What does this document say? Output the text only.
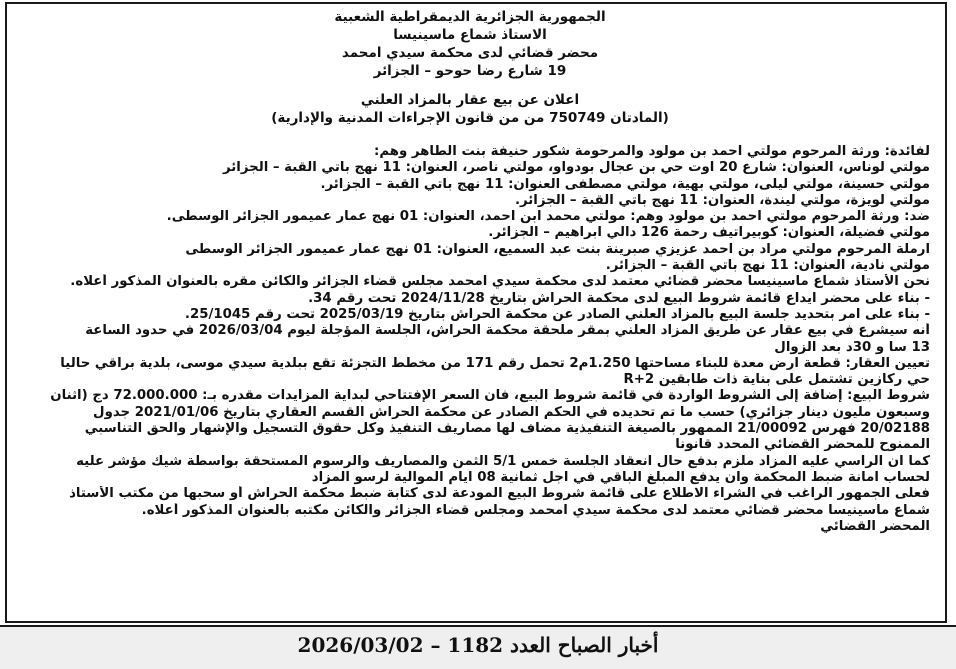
الجمهورية الجزائرية الديمقراطية الشعبية
الاستاذ شماع ماسينيسا
محضر قضائي لدى محكمة سيدي امحمد
19 شارع رضا حوحو – الجزائر
اعلان عن بيع عقار بالمزاد العلني
(المادتان 750749 من من قانون الإجراءات المدنية والإدارية)
لفائدة: ورثة المرحوم مولتي احمد بن مولود والمرحومة شكور حنيفة بنت الطاهر وهم:
مولتي لوناس، العنوان: شارع 20 اوت حي بن عجال بودواو، مولتي ناصر، العنوان: 11 نهج باتي القبة – الجزائر
مولتي حسينة، مولتي ليلى، مولتي بهية، مولتي مصطفى العنوان: 11 نهج باتي القبة – الجزائر.
مولتي لويزة، مولتي ليندة، العنوان: 11 نهج باتي القبة – الجزائر.
ضد: ورثة المرحوم مولتي احمد بن مولود وهم: مولتي محمد ابن احمد، العنوان: 01 نهج عمار عميمور الجزائر الوسطى.
مولتي فضيلة، العنوان: كوبيراتيف رحمة 126 دالي ابراهيم – الجزائر.
ارملة المرحوم مولتي مراد بن احمد عزيزي صبرينة بنت عبد السميع، العنوان: 01 نهج عمار عميمور الجزائر الوسطى
مولتي نادية، العنوان: 11 نهج باتي القبة – الجزائر.
نحن الأستاذ شماع ماسينيسا محضر قضائي معتمد لدى محكمة سيدي امحمد مجلس قضاء الجزائر والكائن مقره بالعنوان المذكور أعلاه.
- بناء على محضر ايداع قائمة شروط البيع لدى محكمة الحراش بتاريخ 2024/11/28 تحت رقم 34.
- بناء على امر بتحديد جلسة البيع بالمزاد العلني الصادر عن محكمة الحراش بتاريخ 2025/03/19 تحت رقم 25/1045.
أنه سيشرع في بيع عقار عن طريق المزاد العلني بمقر ملحقة محكمة الحراش، الجلسة المؤجلة ليوم 2026/03/04 في حدود الساعة
13 سا و 30د بعد الزوال
تعيين العقار: قطعة ارض معدة للبناء مساحتها 1.250م2 تحمل رقم 171 من مخطط التجزئة تقع ببلدية سيدي موسى، بلدية براقي حاليا
حي ركازين تشتمل على بناية ذات طابقين R+2
شروط البيع: إضافة إلى الشروط الواردة في قائمة شروط البيع، فان السعر الإفتتاحي لبداية المزايدات مقدره بـ: 72.000.000 دج (اثنان
وسبعون مليون دينار جزائري) حسب ما تم تحديده في الحكم الصادر عن محكمة الحراش القسم العقاري بتاريخ 2021/01/06 جدول
20/02188 فهرس 21/00092 الممهور بالصيغة التنفيذية مضاف لها مصاريف التنفيذ وكل حقوق التسجيل والإشهار والحق التناسبي
الممنوح للمحضر القضائي المحدد قانونا
كما ان الراسي عليه المزاد ملزم بدفع حال انعقاد الجلسة خمس 5/1 الثمن والمصاريف والرسوم المستحقة بواسطة شيك مؤشر عليه
لحساب امانة ضبط المحكمة وان يدفع المبلغ الباقي في اجل ثمانية 08 ايام الموالية لرسو المزاد
فعلى الجمهور الراغب في الشراء الاطلاع على قائمة شروط البيع المودعة لدى كتابة ضبط محكمة الحراش أو سحبها من مكتب الأستاذ
شماع ماسينيسا محضر قضائي معتمد لدى محكمة سيدي امحمد ومجلس قضاء الجزائر والكائن مكتبه بالعنوان المذكور أعلاه.
المحضر القضائي
أخبار الصباح العدد 1182 – 2026/03/02
